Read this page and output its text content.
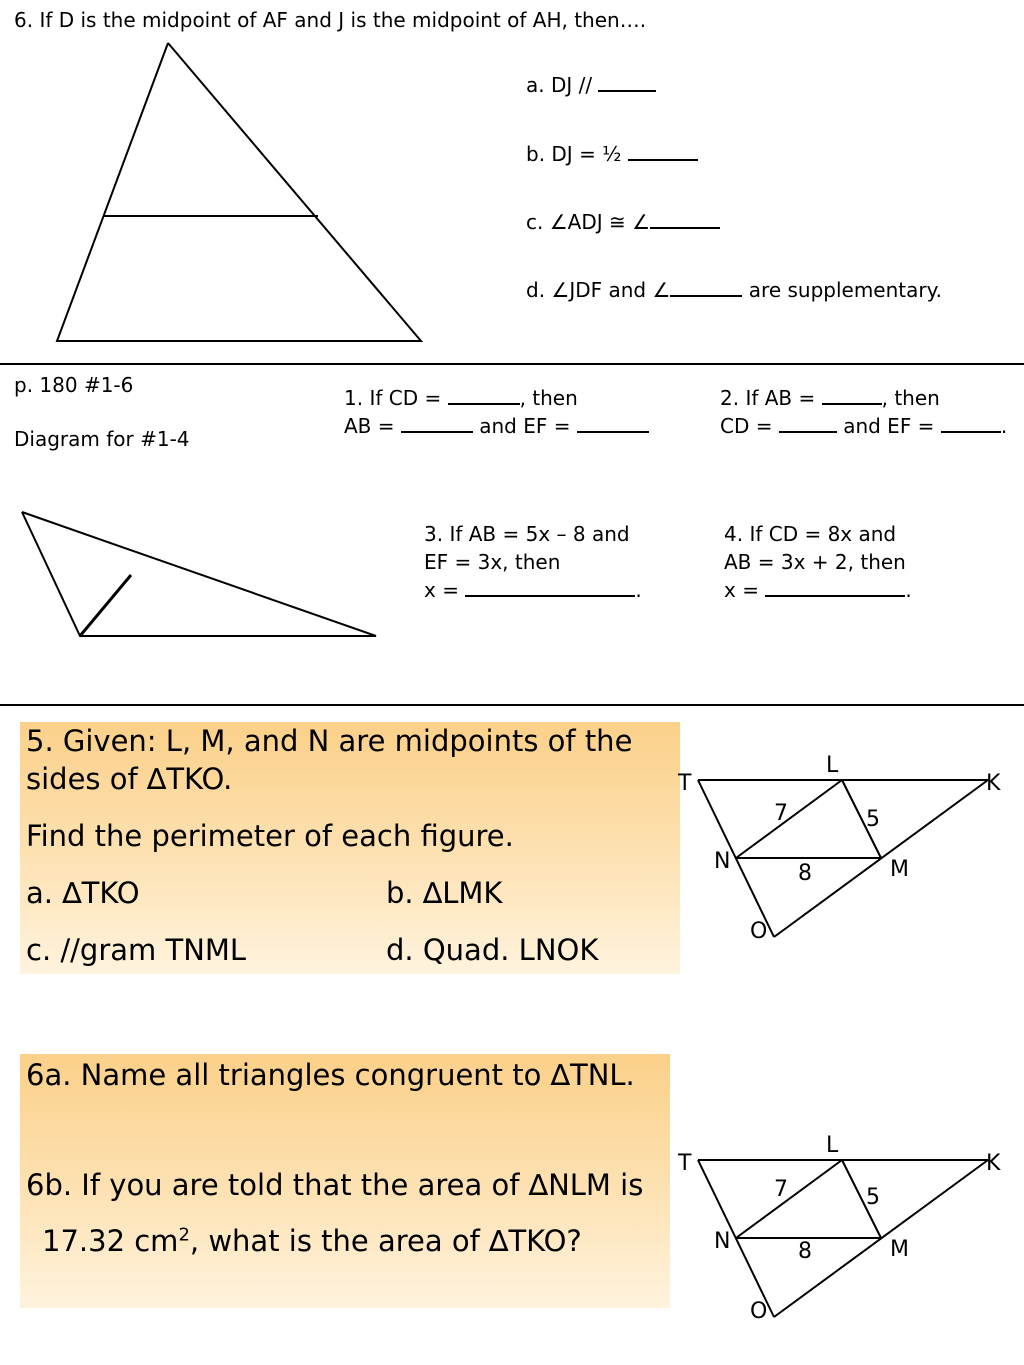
6. If D is the midpoint of AF and J is the midpoint of AH, then….
a. DJ //
b. DJ = ½
c. ∠ADJ ≅ ∠
d. ∠JDF and ∠	are supplementary.
p. 180 #1-6
Diagram for #1-4
1. If CD =	, then
AB =	and EF =
2. If AB =	, then
CD =	and EF =	.
3. If AB = 5x – 8 and
EF = 3x, then
x =	.
4. If CD = 8x and
AB = 3x + 2, then
x =	.
5. Given: L, M, and N are midpoints of the
sides of ∆TKO.
Find the perimeter of each figure.
a. ∆TKO	b. ∆LMK
c. //gram TNML	d. Quad. LNOK
T
L
K
N	M
O
7	5
8
6a. Name all triangles congruent to ∆TNL.
6b. If you are told that the area of ∆NLM is
17.32 $cm^2$, what is the area of ∆TKO?
T
L
K
N	M
O
7	5
8
